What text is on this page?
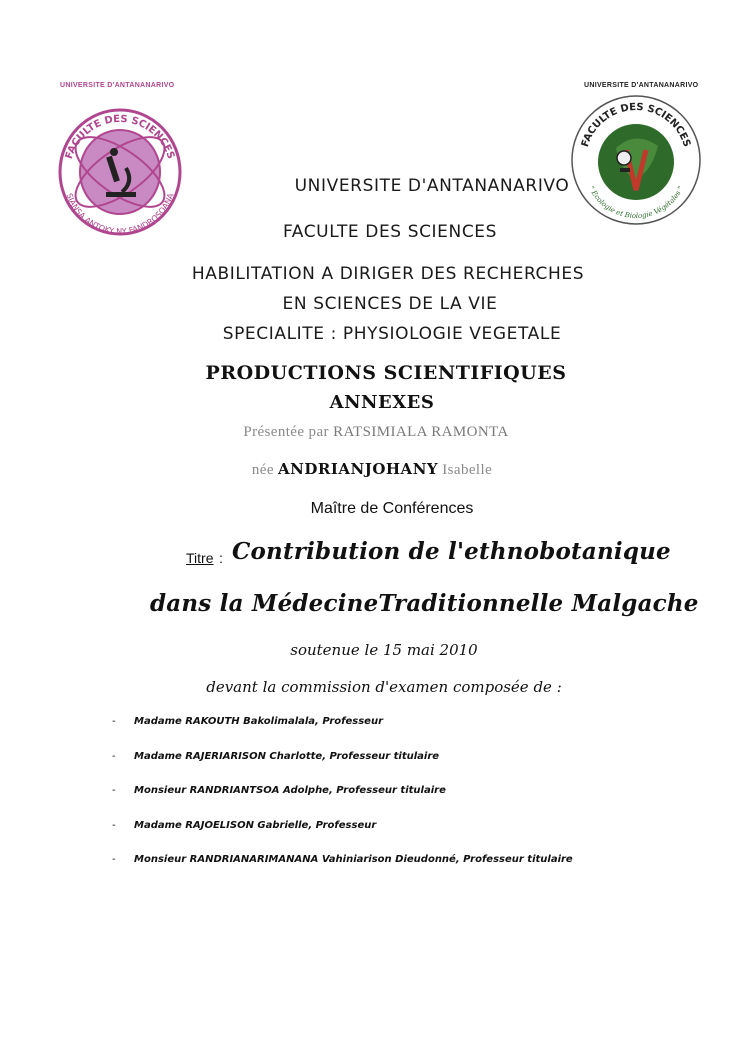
UNIVERSITE D'ANTANANARIVO
FACULTE DES SCIENCES
SIANSA ANTOKY NY FANDROSOANA
UNIVERSITE D'ANTANANARIVO
FACULTE DES SCIENCES
" Ecologie et Biologie Végétales "
UNIVERSITE D'ANTANANARIVO
FACULTE DES SCIENCES
HABILITATION A DIRIGER DES RECHERCHES
EN SCIENCES DE LA VIE
SPECIALITE : PHYSIOLOGIE VEGETALE
PRODUCTIONS SCIENTIFIQUES
ANNEXES
Présentée par RATSIMIALA RAMONTA
née ANDRIANJOHANY Isabelle
Maître de Conférences
Titre : Contribution de l'ethnobotanique
dans la MédecineTraditionnelle Malgache
soutenue le 15 mai 2010
devant la commission d'examen composée de :
- Madame RAKOUTH Bakolimalala, Professeur
- Madame RAJERIARISON Charlotte, Professeur titulaire
- Monsieur RANDRIANTSOA Adolphe, Professeur titulaire
- Madame RAJOELISON Gabrielle, Professeur
- Monsieur RANDRIANARIMANANA Vahiniarison Dieudonné, Professeur titulaire
